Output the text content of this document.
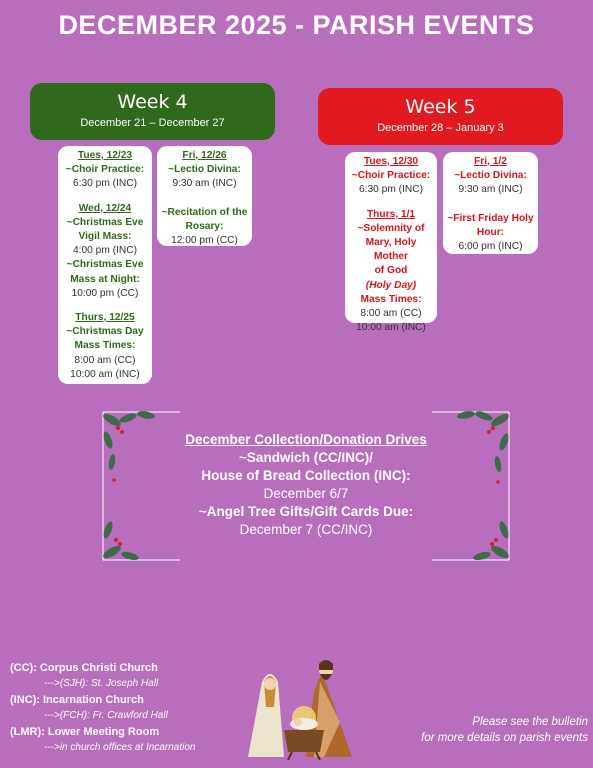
DECEMBER 2025 - PARISH EVENTS
Week 4
December 21 – December 27
Week 5
December 28 – January 3
Tues, 12/23
~Choir Practice:
6:30 pm (INC)
Wed, 12/24
~Christmas Eve
Vigil Mass:
4:00 pm (INC)
~Christmas Eve
Mass at Night:
10:00 pm (CC)
Thurs, 12/25
~Christmas Day
Mass Times:
8:00 am (CC)
10:00 am (INC)
Fri, 12/26
~Lectio Divina:
9:30 am (INC)
~Recitation of the
Rosary:
12:00 pm (CC)
Tues, 12/30
~Choir Practice:
6:30 pm (INC)
Thurs, 1/1
~Solemnity of
Mary, Holy Mother
of God
(Holy Day)
Mass Times:
8:00 am (CC)
10:00 am (INC)
Fri, 1/2
~Lectio Divina:
9:30 am (INC)
~First Friday Holy
Hour:
6:00 pm (INC)
December Collection/Donation Drives
~Sandwich (CC/INC)/
House of Bread Collection (INC):
December 6/7
~Angel Tree Gifts/Gift Cards Due:
December 7 (CC/INC)
(CC): Corpus Christi Church
--->(SJH): St. Joseph Hall
(INC): Incarnation Church
--->(FCH): Fr. Crawford Hall
(LMR): Lower Meeting Room
--->in church offices at Incarnation
Please see the bulletin
for more details on parish events
